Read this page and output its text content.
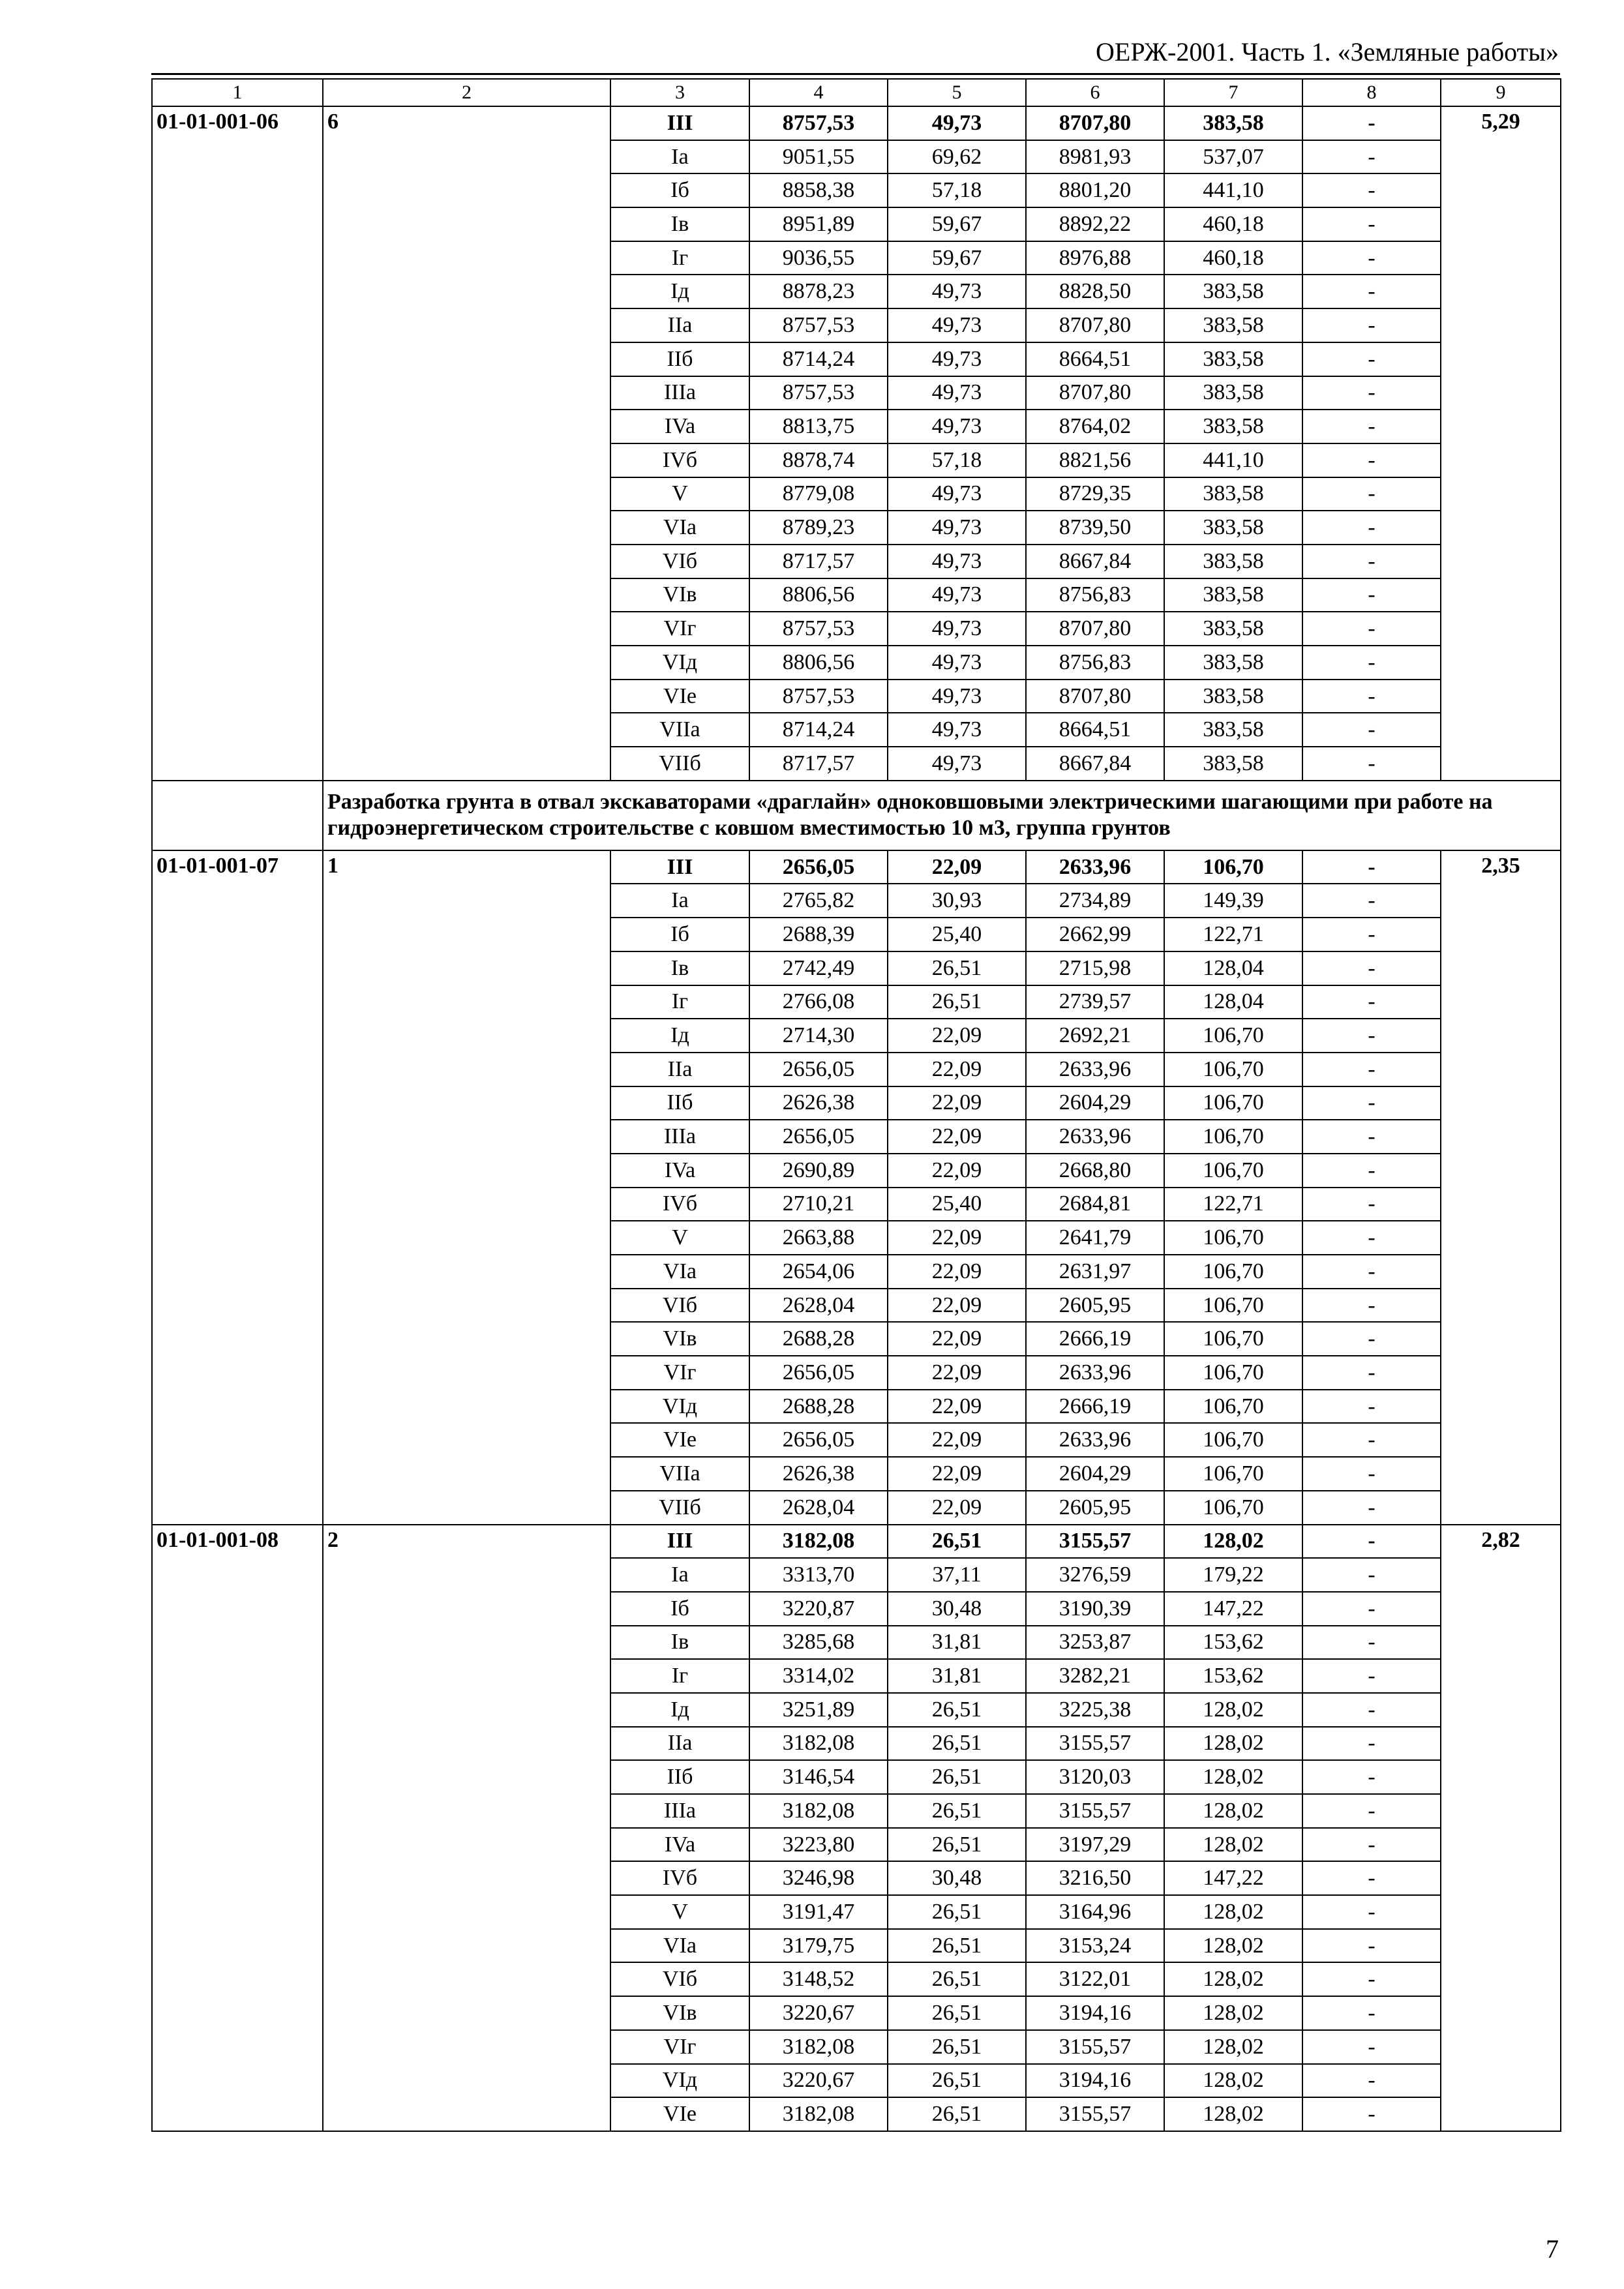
ОЕРЖ-2001. Часть 1. «Земляные работы»
1	2	3	4	5	6	7	8	9
01-01-001-06	6	III	8757,53	49,73	8707,80	383,58	-	5,29
		Ia	9051,55	69,62	8981,93	537,07	-	
		Iб	8858,38	57,18	8801,20	441,10	-	
		Iв	8951,89	59,67	8892,22	460,18	-	
		Iг	9036,55	59,67	8976,88	460,18	-	
		Iд	8878,23	49,73	8828,50	383,58	-	
		IIa	8757,53	49,73	8707,80	383,58	-	
		IIб	8714,24	49,73	8664,51	383,58	-	
		IIIa	8757,53	49,73	8707,80	383,58	-	
		IVa	8813,75	49,73	8764,02	383,58	-	
		IVб	8878,74	57,18	8821,56	441,10	-	
		V	8779,08	49,73	8729,35	383,58	-	
		VIa	8789,23	49,73	8739,50	383,58	-	
		VIб	8717,57	49,73	8667,84	383,58	-	
		VIв	8806,56	49,73	8756,83	383,58	-	
		VIг	8757,53	49,73	8707,80	383,58	-	
		VIд	8806,56	49,73	8756,83	383,58	-	
		VIe	8757,53	49,73	8707,80	383,58	-	
		VIIa	8714,24	49,73	8664,51	383,58	-	
		VIIб	8717,57	49,73	8667,84	383,58	-	
	Разработка грунта в отвал экскаваторами «драглайн» одноковшовыми электрическими шагающими при работе на гидроэнергетическом строительстве с ковшом вместимостью 10 м3, группа грунтов							
01-01-001-07	1	III	2656,05	22,09	2633,96	106,70	-	2,35
		Ia	2765,82	30,93	2734,89	149,39	-	
		Iб	2688,39	25,40	2662,99	122,71	-	
		Iв	2742,49	26,51	2715,98	128,04	-	
		Iг	2766,08	26,51	2739,57	128,04	-	
		Iд	2714,30	22,09	2692,21	106,70	-	
		IIa	2656,05	22,09	2633,96	106,70	-	
		IIб	2626,38	22,09	2604,29	106,70	-	
		IIIa	2656,05	22,09	2633,96	106,70	-	
		IVa	2690,89	22,09	2668,80	106,70	-	
		IVб	2710,21	25,40	2684,81	122,71	-	
		V	2663,88	22,09	2641,79	106,70	-	
		VIa	2654,06	22,09	2631,97	106,70	-	
		VIб	2628,04	22,09	2605,95	106,70	-	
		VIв	2688,28	22,09	2666,19	106,70	-	
		VIг	2656,05	22,09	2633,96	106,70	-	
		VIд	2688,28	22,09	2666,19	106,70	-	
		VIe	2656,05	22,09	2633,96	106,70	-	
		VIIa	2626,38	22,09	2604,29	106,70	-	
		VIIб	2628,04	22,09	2605,95	106,70	-	
01-01-001-08	2	III	3182,08	26,51	3155,57	128,02	-	2,82
		Ia	3313,70	37,11	3276,59	179,22	-	
		Iб	3220,87	30,48	3190,39	147,22	-	
		Iв	3285,68	31,81	3253,87	153,62	-	
		Iг	3314,02	31,81	3282,21	153,62	-	
		Iд	3251,89	26,51	3225,38	128,02	-	
		IIa	3182,08	26,51	3155,57	128,02	-	
		IIб	3146,54	26,51	3120,03	128,02	-	
		IIIa	3182,08	26,51	3155,57	128,02	-	
		IVa	3223,80	26,51	3197,29	128,02	-	
		IVб	3246,98	30,48	3216,50	147,22	-	
		V	3191,47	26,51	3164,96	128,02	-	
		VIa	3179,75	26,51	3153,24	128,02	-	
		VIб	3148,52	26,51	3122,01	128,02	-	
		VIв	3220,67	26,51	3194,16	128,02	-	
		VIг	3182,08	26,51	3155,57	128,02	-	
		VIд	3220,67	26,51	3194,16	128,02	-	
		VIe	3182,08	26,51	3155,57	128,02	-	
7
